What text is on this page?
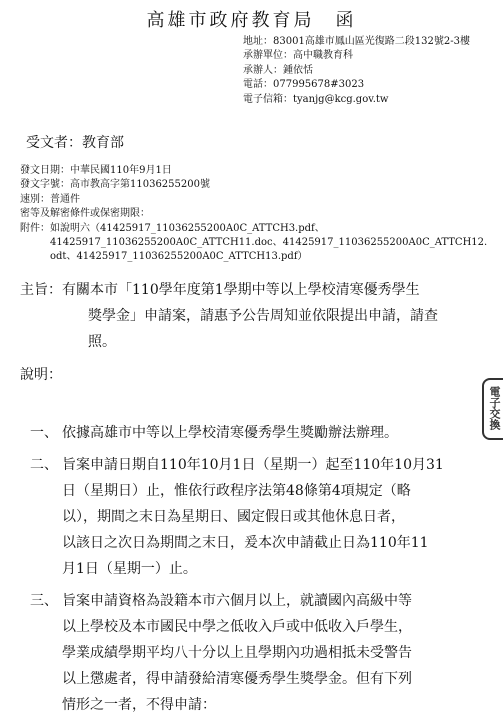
高雄市政府教育局　函
地址：83001高雄市鳳山區光復路二段132號2-3樓
承辦單位：高中職教育科
承辦人：鍾依恬
電話：077995678#3023
電子信箱：tyanjg@kcg.gov.tw
受文者：教育部
發文日期：中華民國110年9月1日
發文字號：高市教高字第11036255200號
速別：普通件
密等及解密條件或保密期限：
附件： 如說明六（41425917_11036255200A0C_ATTCH3.pdf、
41425917_11036255200A0C_ATTCH11.doc、41425917_11036255200A0C_ATTCH12.
odt、41425917_11036255200A0C_ATTCH13.pdf）
主旨： 有關本市「110學年度第1學期中等以上學校清寒優秀學生
獎學金」申請案，請惠予公告周知並依限提出申請，請查
照。
說明：
一、 依據高雄市中等以上學校清寒優秀學生獎勵辦法辦理。
二、 旨案申請日期自110年10月1日（星期一）起至110年10月31
日（星期日）止，惟依行政程序法第48條第4項規定（略
以），期間之末日為星期日、國定假日或其他休息日者，
以該日之次日為期間之末日，爰本次申請截止日為110年11
月1日（星期一）止。
三、 旨案申請資格為設籍本市六個月以上，就讀國內高級中等
以上學校及本市國民中學之低收入戶或中低收入戶學生，
學業成績學期平均八十分以上且學期內功過相抵未受警告
以上懲處者，得申請發給清寒優秀學生獎學金。但有下列
情形之一者，不得申請：
電子交換
